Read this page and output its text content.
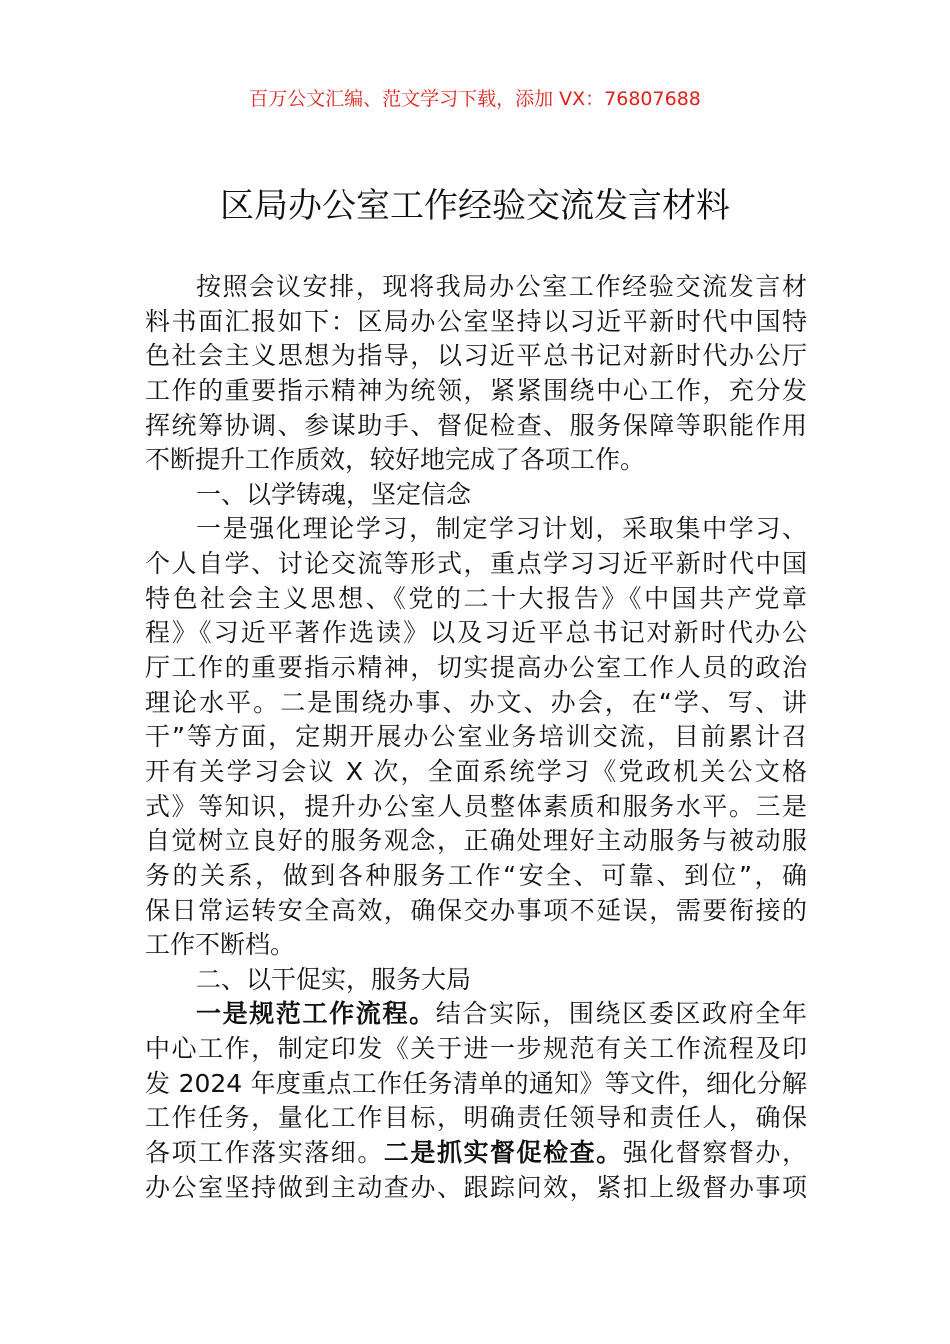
百万公文汇编、范文学习下载，添加 VX：76807688
区局办公室工作经验交流发言材料
按照会议安排，现将我局办公室工作经验交流发言材
料书面汇报如下：区局办公室坚持以习近平新时代中国特
色社会主义思想为指导，以习近平总书记对新时代办公厅
工作的重要指示精神为统领，紧紧围绕中心工作，充分发
挥统筹协调、参谋助手、督促检查、服务保障等职能作用
不断提升工作质效，较好地完成了各项工作。
一、以学铸魂，坚定信念
一是强化理论学习，制定学习计划，采取集中学习、
个人自学、讨论交流等形式，重点学习习近平新时代中国
特色社会主义思想、《党的二十大报告》《中国共产党章
程》《习近平著作选读》以及习近平总书记对新时代办公
厅工作的重要指示精神，切实提高办公室工作人员的政治
理论水平。二是围绕办事、办文、办会，在“学、写、讲
干”等方面，定期开展办公室业务培训交流，目前累计召
开有关学习会议 X 次，全面系统学习《党政机关公文格
式》等知识，提升办公室人员整体素质和服务水平。三是
自觉树立良好的服务观念，正确处理好主动服务与被动服
务的关系，做到各种服务工作“安全、可靠、到位”，确
保日常运转安全高效，确保交办事项不延误，需要衔接的
工作不断档。
二、以干促实，服务大局
一是规范工作流程。结合实际，围绕区委区政府全年
中心工作，制定印发《关于进一步规范有关工作流程及印
发 2024 年度重点工作任务清单的通知》等文件，细化分解
工作任务，量化工作目标，明确责任领导和责任人，确保
各项工作落实落细。二是抓实督促检查。强化督察督办，
办公室坚持做到主动查办、跟踪问效，紧扣上级督办事项
